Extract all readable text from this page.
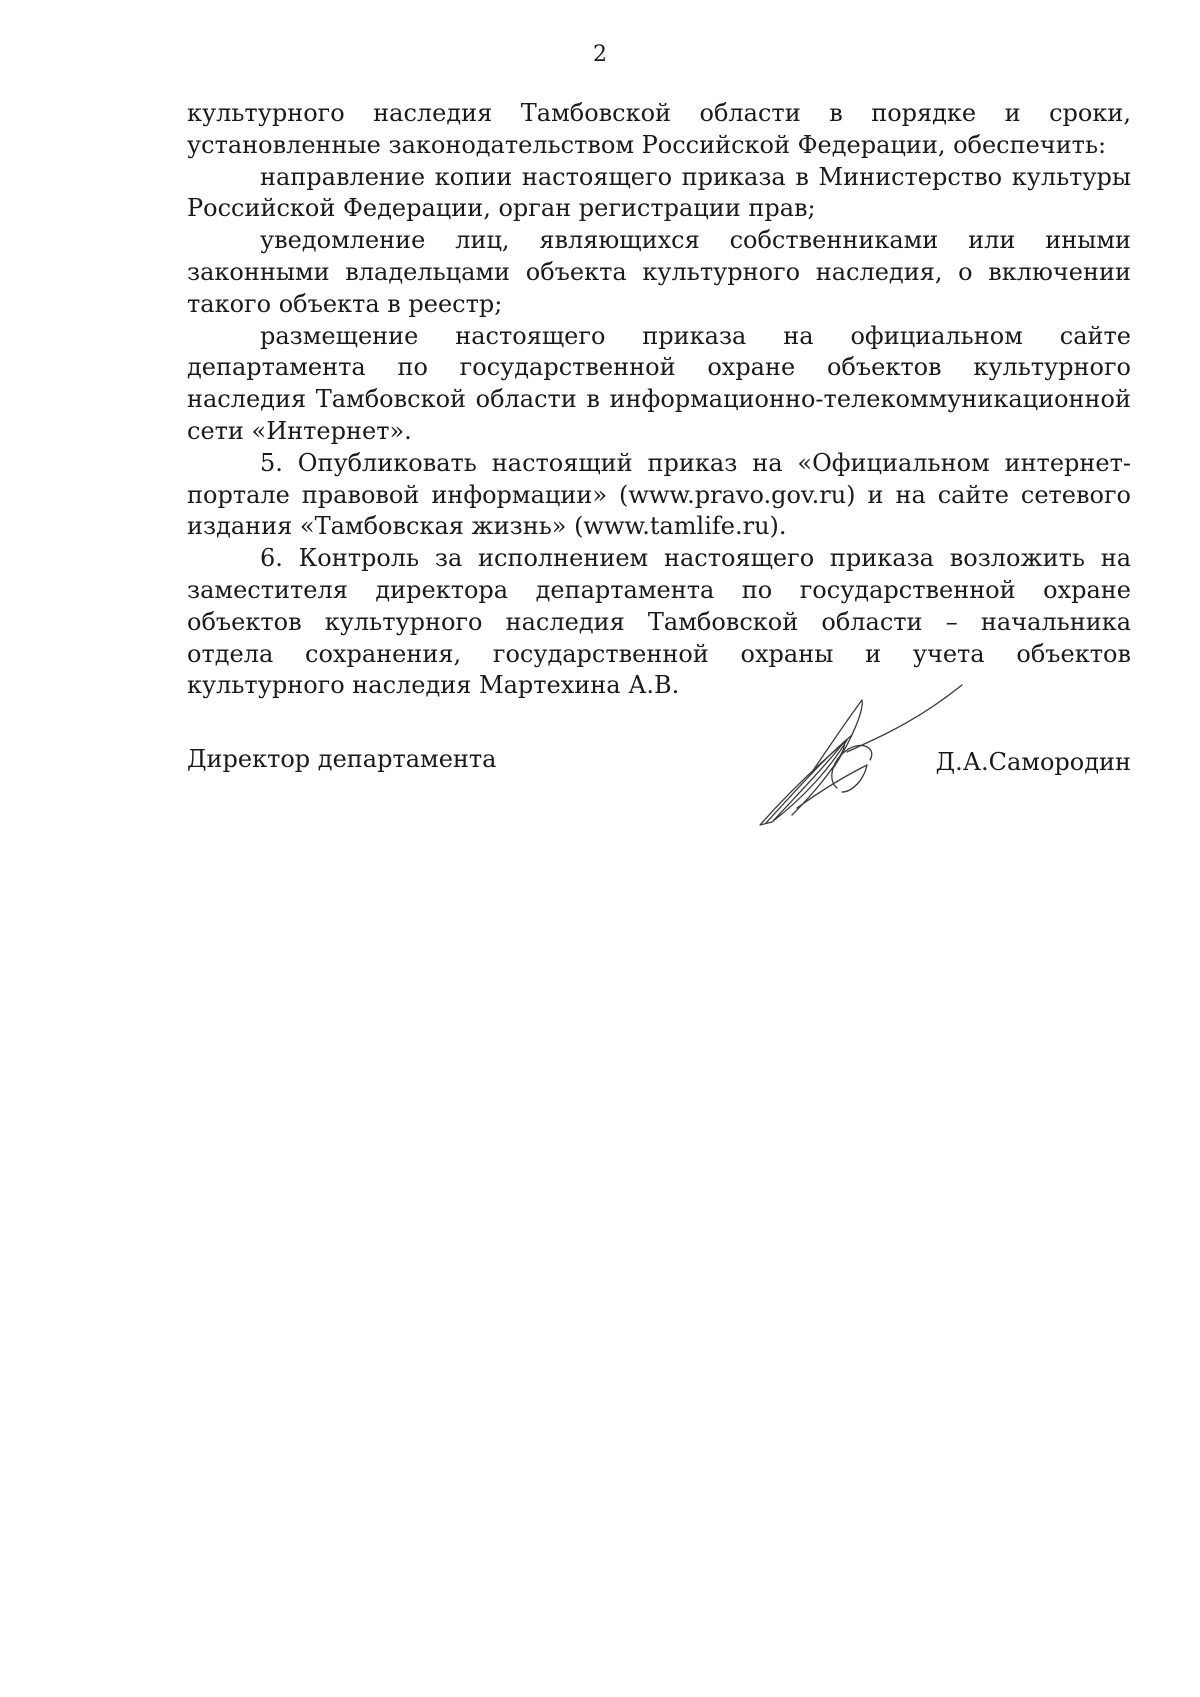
2

культурного наследия Тамбовской области в порядке и сроки, установленные законодательством Российской Федерации, обеспечить:

направление копии настоящего приказа в Министерство культуры Российской Федерации, орган регистрации прав;

уведомление лиц, являющихся собственниками или иными законными владельцами объекта культурного наследия, о включении такого объекта в реестр;

размещение настоящего приказа на официальном сайте департамента по государственной охране объектов культурного наследия Тамбовской области в информационно-телекоммуникационной сети «Интернет».

5. Опубликовать настоящий приказ на «Официальном интернет-портале правовой информации» (www.pravo.gov.ru) и на сайте сетевого издания «Тамбовская жизнь» (www.tamlife.ru).

6. Контроль за исполнением настоящего приказа возложить на заместителя директора департамента по государственной охране объектов культурного наследия Тамбовской области – начальника отдела сохранения, государственной охраны и учета объектов культурного наследия Мартехина А.В.

Директор департамента	Д.А.Самородин
